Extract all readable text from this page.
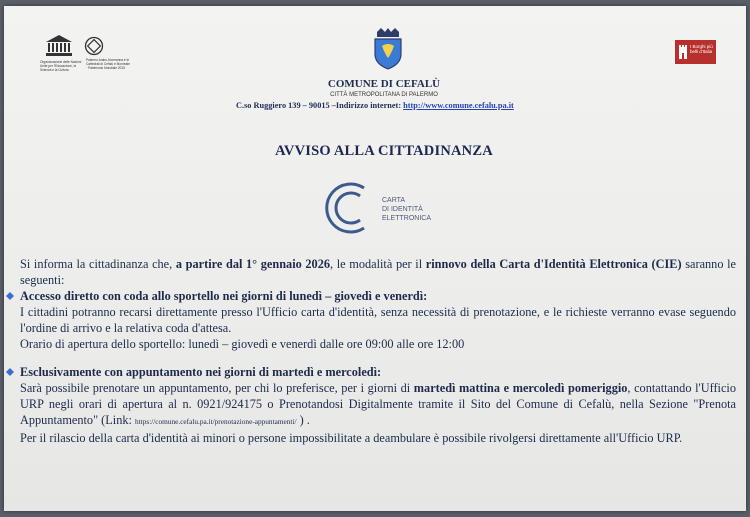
Organizzazione delle Nazioni Unite per l'Educazione, la Scienza e la Cultura
Palermo Arabo-Normanna e le Cattedrali di Cefalù e Monreale · Patrimonio Mondiale 2015
COMUNE DI CEFALÙ
CITTÀ METROPOLITANA DI PALERMO
C.so Ruggiero 139 – 90015 –Indirizzo internet: http://www.comune.cefalu.pa.it
I Borghi più belli d'Italia
AVVISO ALLA CITTADINANZA
CARTA
DI IDENTITÀ
ELETTRONICA

Si informa la cittadinanza che, a partire dal 1° gennaio 2026, le modalità per il rinnovo della Carta d'Identità Elettronica (CIE) saranno le seguenti:

Accesso diretto con coda allo sportello nei giorni di lunedì – giovedì e venerdì:

I cittadini potranno recarsi direttamente presso l'Ufficio carta d'identità, senza necessità di prenotazione, e le richieste verranno evase seguendo l'ordine di arrivo e la relativa coda d'attesa.

Orario di apertura dello sportello: lunedì – giovedì e venerdì dalle ore 09:00 alle ore 12:00

Esclusivamente con appuntamento nei giorni di martedì e mercoledì:

Sarà possibile prenotare un appuntamento, per chi lo preferisce, per i giorni di martedì mattina e mercoledì pomeriggio, contattando l'Ufficio URP negli orari di apertura al n. 0921/924175 o Prenotandosi Digitalmente tramite il Sito del Comune di Cefalù, nella Sezione "Prenota Appuntamento" (Link: https://comune.cefalu.pa.it/prenotazione-appuntamenti/ ) .

Per il rilascio della carta d'identità ai minori o persone impossibilitate a deambulare è possibile rivolgersi direttamente all'Ufficio URP.
